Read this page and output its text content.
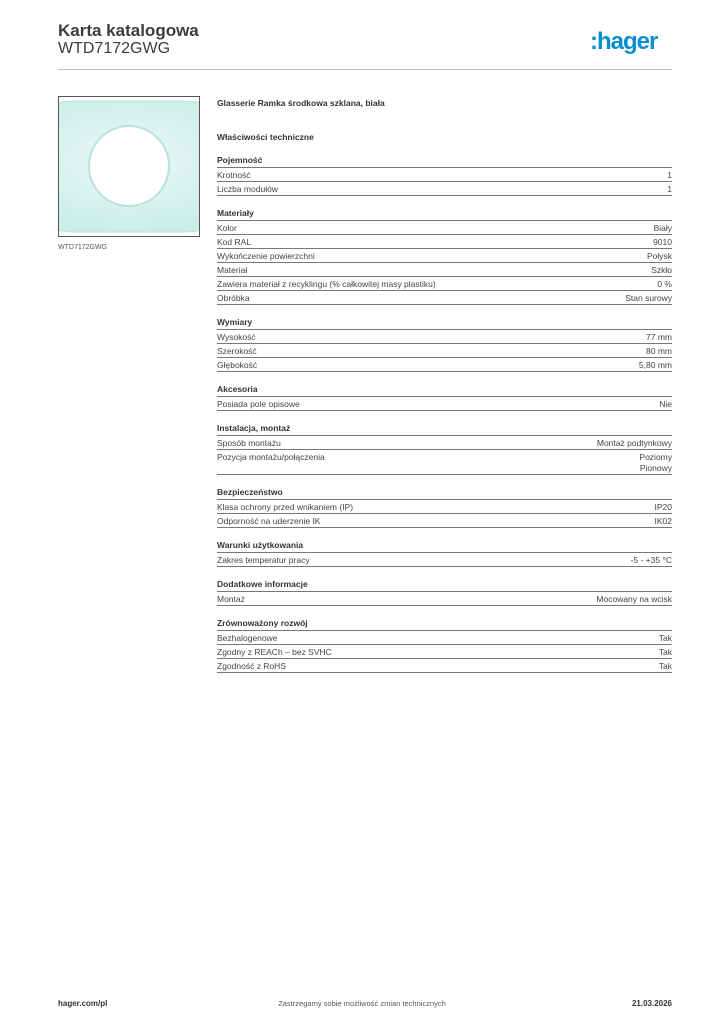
Karta katalogowa
WTD7172GWG	:hager
WTD7172GWG
Glasserie Ramka środkowa szklana, biała
Właściwości techniczne
Pojemność
Krotność	1
Liczba modułów	1
Materiały
Kolor	Biały
Kod RAL	9010
Wykończenie powierzchni	Połysk
Materiał	Szkło
Zawiera materiał z recyklingu (% całkowitej masy plastiku)	0 %
Obróbka	Stan surowy
Wymiary
Wysokość	77 mm
Szerokość	80 mm
Głębokość	5,80 mm
Akcesoria
Posiada pole opisowe	Nie
Instalacja, montaż
Sposób montażu	Montaż podtynkowy
Pozycja montażu/połączenia	Poziomy
Pionowy
Bezpieczeństwo
Klasa ochrony przed wnikaniem (IP)	IP20
Odporność na uderzenie IK	IK02
Warunki użytkowania
Zakres temperatur pracy	-5 - +35 °C
Dodatkowe informacje
Montaż	Mocowany na wcisk
Zrównoważony rozwój
Bezhalogenowe	Tak
Zgodny z REACh – bez SVHC	Tak
Zgodność z RoHS	Tak
hager.com/pl	Zastrzegamy sobie możliwość zmian technicznych	21.03.2026
